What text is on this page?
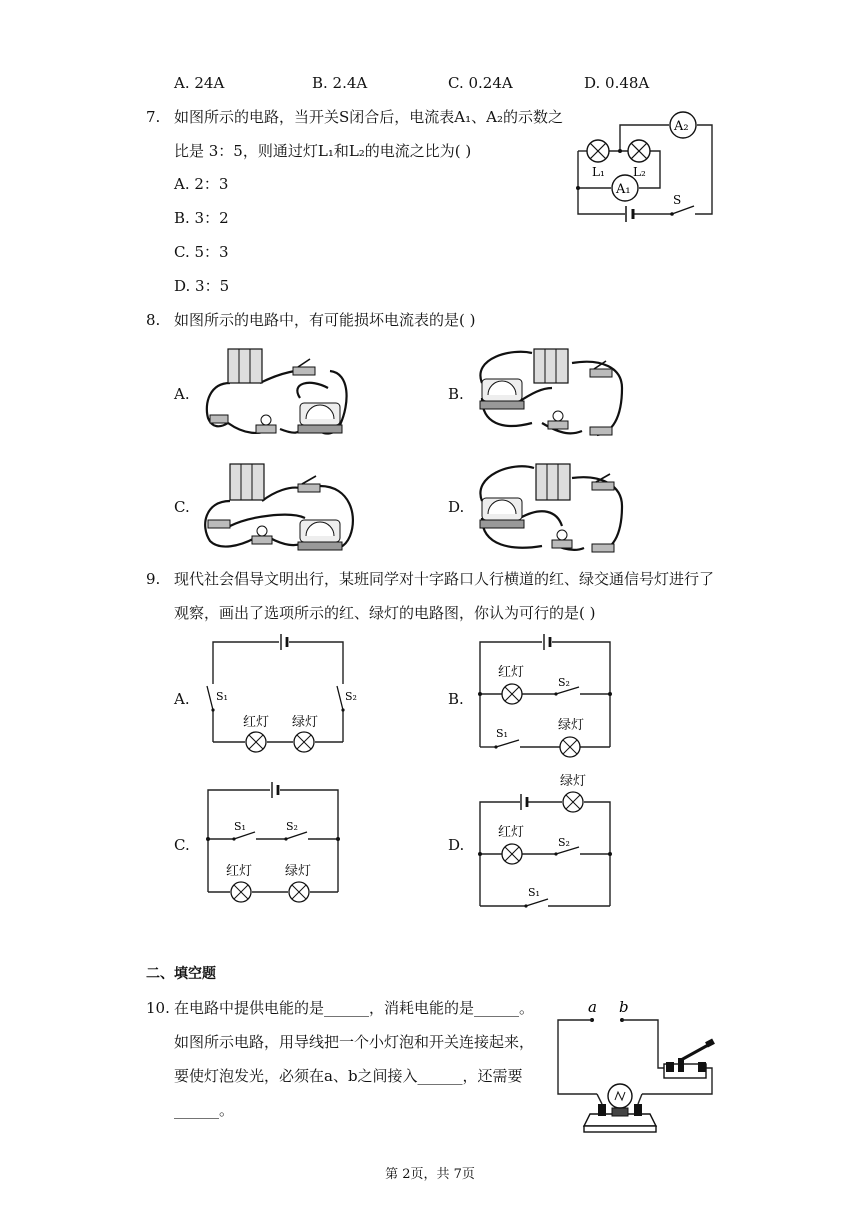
A. 24A	B. 2.4A	C. 0.24A	D. 0.48A
7. 如图所示的电路，当开关S闭合后，电流表A₁、A₂的示数之
比是 3：5，则通过灯L₁和L₂的电流之比为( )
A. 2：3
B. 3：2
C. 5：3
D. 3：5
S
L₁ L₂
A₂
A₁
8. 如图所示的电路中，有可能损坏电流表的是( )
A.	B.
C.	D.
9. 现代社会倡导文明出行，某班同学对十字路口人行横道的红、绿交通信号灯进行了
观察，画出了选项所示的红、绿灯的电路图，你认为可行的是( )
A.	B.
C.	D.
S₁	S₂
红灯 绿灯
红灯
S₂
S₁
绿灯
S₁	S₂
红灯	绿灯
绿灯
红灯
S₂
S₁
二、填空题
10. 在电路中提供电能的是______，消耗电能的是______。
如图所示电路，用导线把一个小灯泡和开关连接起来，
要使灯泡发光，必须在a、b之间接入______，还需要
______。
a b
第 2页，共 7页
